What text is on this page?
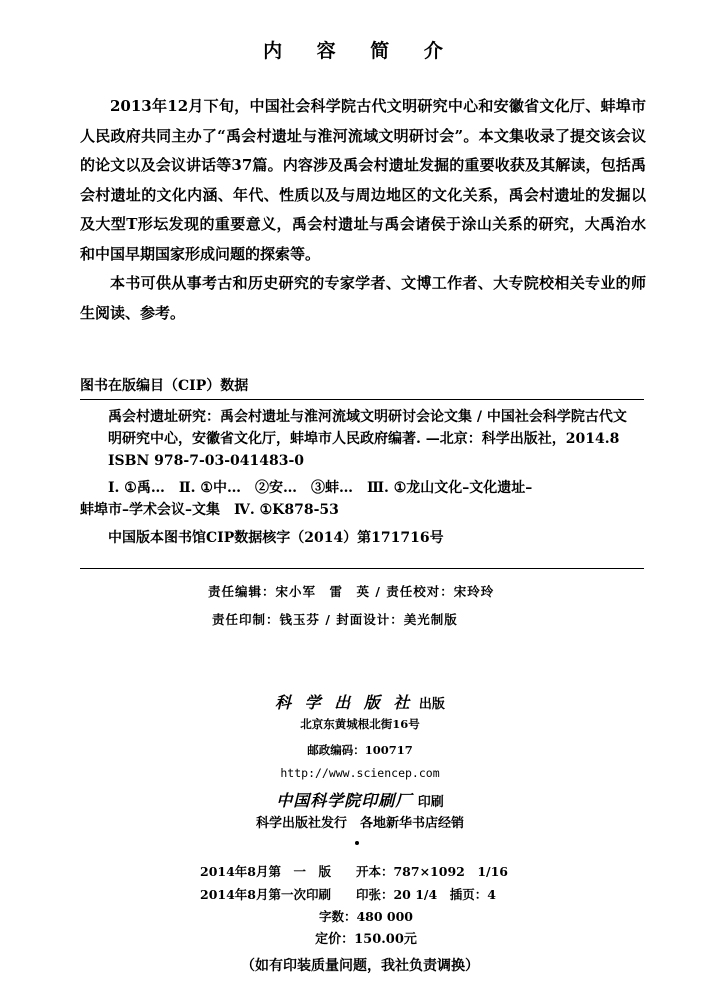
内 容 简 介

2013年12月下旬，中国社会科学院古代文明研究中心和安徽省文化厅、蚌埠市人民政府共同主办了“禹会村遗址与淮河流域文明研讨会”。本文集收录了提交该会议的论文以及会议讲话等37篇。内容涉及禹会村遗址发掘的重要收获及其解读，包括禹会村遗址的文化内涵、年代、性质以及与周边地区的文化关系，禹会村遗址的发掘以及大型T形坛发现的重要意义，禹会村遗址与禹会诸侯于涂山关系的研究，大禹治水和中国早期国家形成问题的探索等。

本书可供从事考古和历史研究的专家学者、文博工作者、大专院校相关专业的师生阅读、参考。

图书在版编目（CIP）数据
禹会村遗址研究：禹会村遗址与淮河流域文明研讨会论文集 / 中国社会科学院古代文明研究中心，安徽省文化厅，蚌埠市人民政府编著. —北京：科学出版社，2014.8
ISBN 978-7-03-041483-0
Ⅰ. ①禹…　Ⅱ. ①中…　②安…　③蚌…　Ⅲ. ①龙山文化–文化遗址–
蚌埠市–学术会议–文集　Ⅳ. ①K878-53
中国版本图书馆CIP数据核字（2014）第171716号
责任编辑：宋小军　雷　英 / 责任校对：宋玲玲
责任印制：钱玉芬 / 封面设计：美光制版
科 学 出 版 社 出版
北京东黄城根北街16号
邮政编码：100717
http://www.sciencep.com
中国科学院印刷厂 印刷
科学出版社发行　各地新华书店经销
2014年8月第　一　版　　开本：787×1092　1/16
2014年8月第一次印刷　　印张：20 1/4　插页：4
字数：480 000
定价：150.00元
（如有印装质量问题，我社负责调换）
